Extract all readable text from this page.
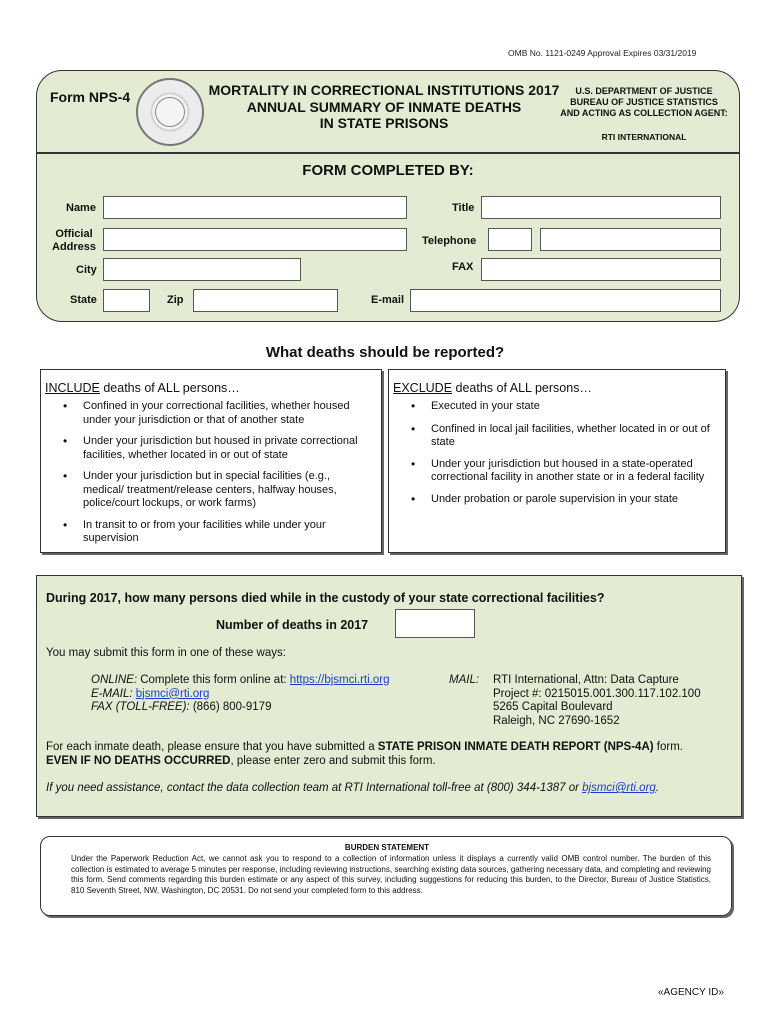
OMB No. 1121-0249 Approval Expires 03/31/2019
Form NPS-4	MORTALITY IN CORRECTIONAL INSTITUTIONS 2017
ANNUAL SUMMARY OF INMATE DEATHS
IN STATE PRISONS
U.S. DEPARTMENT OF JUSTICE
BUREAU OF JUSTICE STATISTICS
AND ACTING AS COLLECTION AGENT:
RTI INTERNATIONAL
FORM COMPLETED BY:
Name	Title
Official
Address	Telephone
City	FAX
State	Zip	E-mail
What deaths should be reported?
INCLUDE deaths of ALL persons…
• Confined in your correctional facilities, whether housed under your jurisdiction or that of another state
• Under your jurisdiction but housed in private correctional facilities, whether located in or out of state
• Under your jurisdiction but in special facilities (e.g., medical/ treatment/release centers, halfway houses, police/court lockups, or work farms)
• In transit to or from your facilities while under your supervision
EXCLUDE deaths of ALL persons…
• Executed in your state
• Confined in local jail facilities, whether located in or out of state
• Under your jurisdiction but housed in a state-operated correctional facility in another state or in a federal facility
• Under probation or parole supervision in your state
During 2017, how many persons died while in the custody of your state correctional facilities?
Number of deaths in 2017
You may submit this form in one of these ways:
ONLINE: Complete this form online at: https://bjsmci.rti.org
E-MAIL: bjsmci@rti.org
FAX (TOLL-FREE): (866) 800-9179
MAIL: RTI International, Attn: Data Capture
Project #: 0215015.001.300.117.102.100
5265 Capital Boulevard
Raleigh, NC 27690-1652
For each inmate death, please ensure that you have submitted a STATE PRISON INMATE DEATH REPORT (NPS-4A) form.
EVEN IF NO DEATHS OCCURRED, please enter zero and submit this form.
If you need assistance, contact the data collection team at RTI International toll-free at (800) 344-1387 or bjsmci@rti.org.
BURDEN STATEMENT
Under the Paperwork Reduction Act, we cannot ask you to respond to a collection of information unless it displays a currently valid OMB control number. The burden of this collection is estimated to average 5 minutes per response, including reviewing instructions, searching existing data sources, gathering necessary data, and completing and reviewing this form. Send comments regarding this burden estimate or any aspect of this survey, including suggestions for reducing this burden, to the Director, Bureau of Justice Statistics, 810 Seventh Street, NW, Washington, DC 20531. Do not send your completed form to this address.
«AGENCY ID»
